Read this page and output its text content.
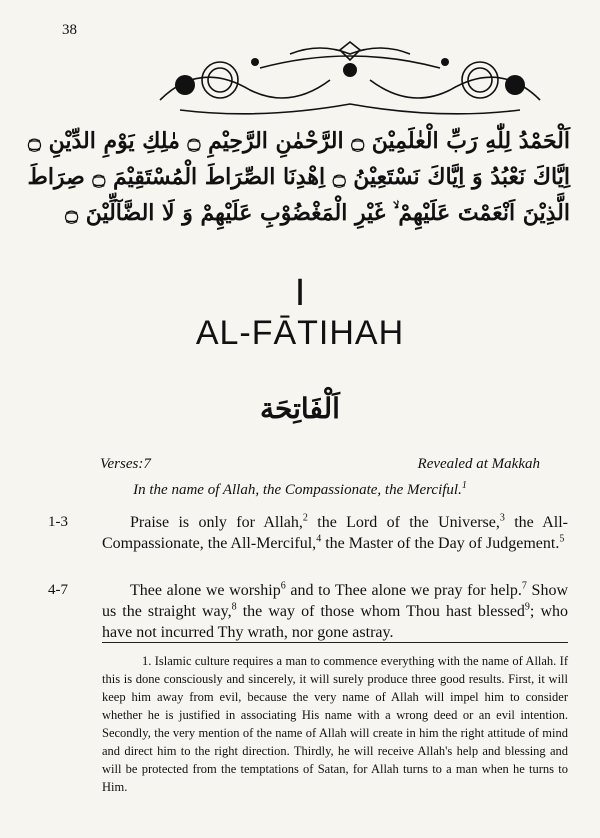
38
اَلْحَمْدُ لِلّٰهِ رَبِّ الْعٰلَمِيْنَ ۝ الرَّحْمٰنِ الرَّحِيْمِ ۝ مٰلِكِ يَوْمِ الدِّيْنِ ۝
اِيَّاكَ نَعْبُدُ وَ اِيَّاكَ نَسْتَعِيْنُ ۝ اِهْدِنَا الصِّرَاطَ الْمُسْتَقِيْمَ ۝ صِرَاطَ
الَّذِيْنَ اَنْعَمْتَ عَلَيْهِمْ ۙ غَيْرِ الْمَغْضُوْبِ عَلَيْهِمْ وَ لَا الضَّآلِّيْنَ ۝
I
AL-FĀTIHAH
اَلْفَاتِحَة
Verses:7	Revealed at Makkah
In the name of Allah, the Compassionate, the Merciful.$^1$
1-3	Praise is only for Allah,$^2$ the Lord of the Universe,$^3$ the All-Compassionate, the All-Merciful,$^4$ the Master of the Day of Judgement.$^5$
4-7	Thee alone we worship$^6$ and to Thee alone we pray for help.$^7$ Show us the straight way,$^8$ the way of those whom Thou hast blessed$^9$; who have not incurred Thy wrath, nor gone astray.
1. Islamic culture requires a man to commence everything with the name of Allah. If this is done consciously and sincerely, it will surely produce three good results. First, it will keep him away from evil, because the very name of Allah will impel him to consider whether he is justified in associating His name with a wrong deed or an evil intention. Secondly, the very mention of the name of Allah will create in him the right attitude of mind and direct him to the right direction. Thirdly, he will receive Allah's help and blessing and will be protected from the temptations of Satan, for Allah turns to a man when he turns to Him.
